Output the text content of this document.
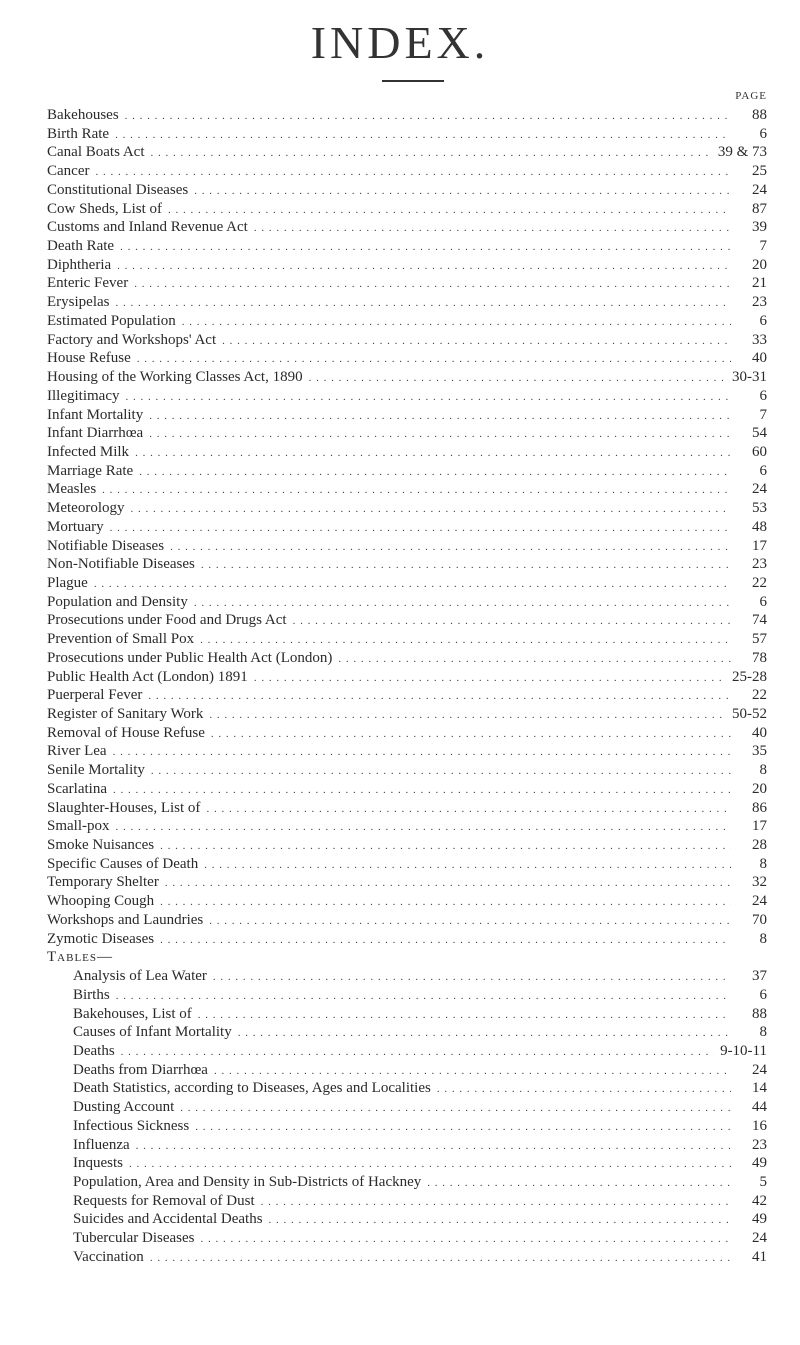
INDEX.
PAGE
Bakehouses . . .	88
Birth Rate . . .	6
Canal Boats Act . . .	39 & 73
Cancer . . .	25
Constitutional Diseases . . .	24
Cow Sheds, List of . . .	87
Customs and Inland Revenue Act . . .	39
Death Rate . . .	7
Diphtheria . . .	20
Enteric Fever . . .	21
Erysipelas . . .	23
Estimated Population . . .	6
Factory and Workshops' Act . . .	33
House Refuse . . .	40
Housing of the Working Classes Act, 1890 . . .	30-31
Illegitimacy . . .	6
Infant Mortality . . .	7
Infant Diarrhœa . . .	54
Infected Milk . . .	60
Marriage Rate . . .	6
Measles . . .	24
Meteorology . . .	53
Mortuary . . .	48
Notifiable Diseases . . .	17
Non-Notifiable Diseases . . .	23
Plague . . .	22
Population and Density . . .	6
Prosecutions under Food and Drugs Act . . .	74
Prevention of Small Pox . . .	57
Prosecutions under Public Health Act (London) . . .	78
Public Health Act (London) 1891 . . .	25-28
Puerperal Fever . . .	22
Register of Sanitary Work . . .	50-52
Removal of House Refuse . . .	40
River Lea . . .	35
Senile Mortality . . .	8
Scarlatina . . .	20
Slaughter-Houses, List of . . .	86
Small-pox . . .	17
Smoke Nuisances . . .	28
Specific Causes of Death . . .	8
Temporary Shelter . . .	32
Whooping Cough . . .	24
Workshops and Laundries . . .	70
Zymotic Diseases . . .	8
Tables—
Analysis of Lea Water . . .	37
Births . . .	6
Bakehouses, List of . . .	88
Causes of Infant Mortality . . .	8
Deaths . . .	9-10-11
Deaths from Diarrhœa . . .	24
Death Statistics, according to Diseases, Ages and Localities . . .	14
Dusting Account . . .	44
Infectious Sickness . . .	16
Influenza . . .	23
Inquests . . .	49
Population, Area and Density in Sub-Districts of Hackney . . .	5
Requests for Removal of Dust . . .	42
Suicides and Accidental Deaths . . .	49
Tubercular Diseases . . .	24
Vaccination . . .	41
